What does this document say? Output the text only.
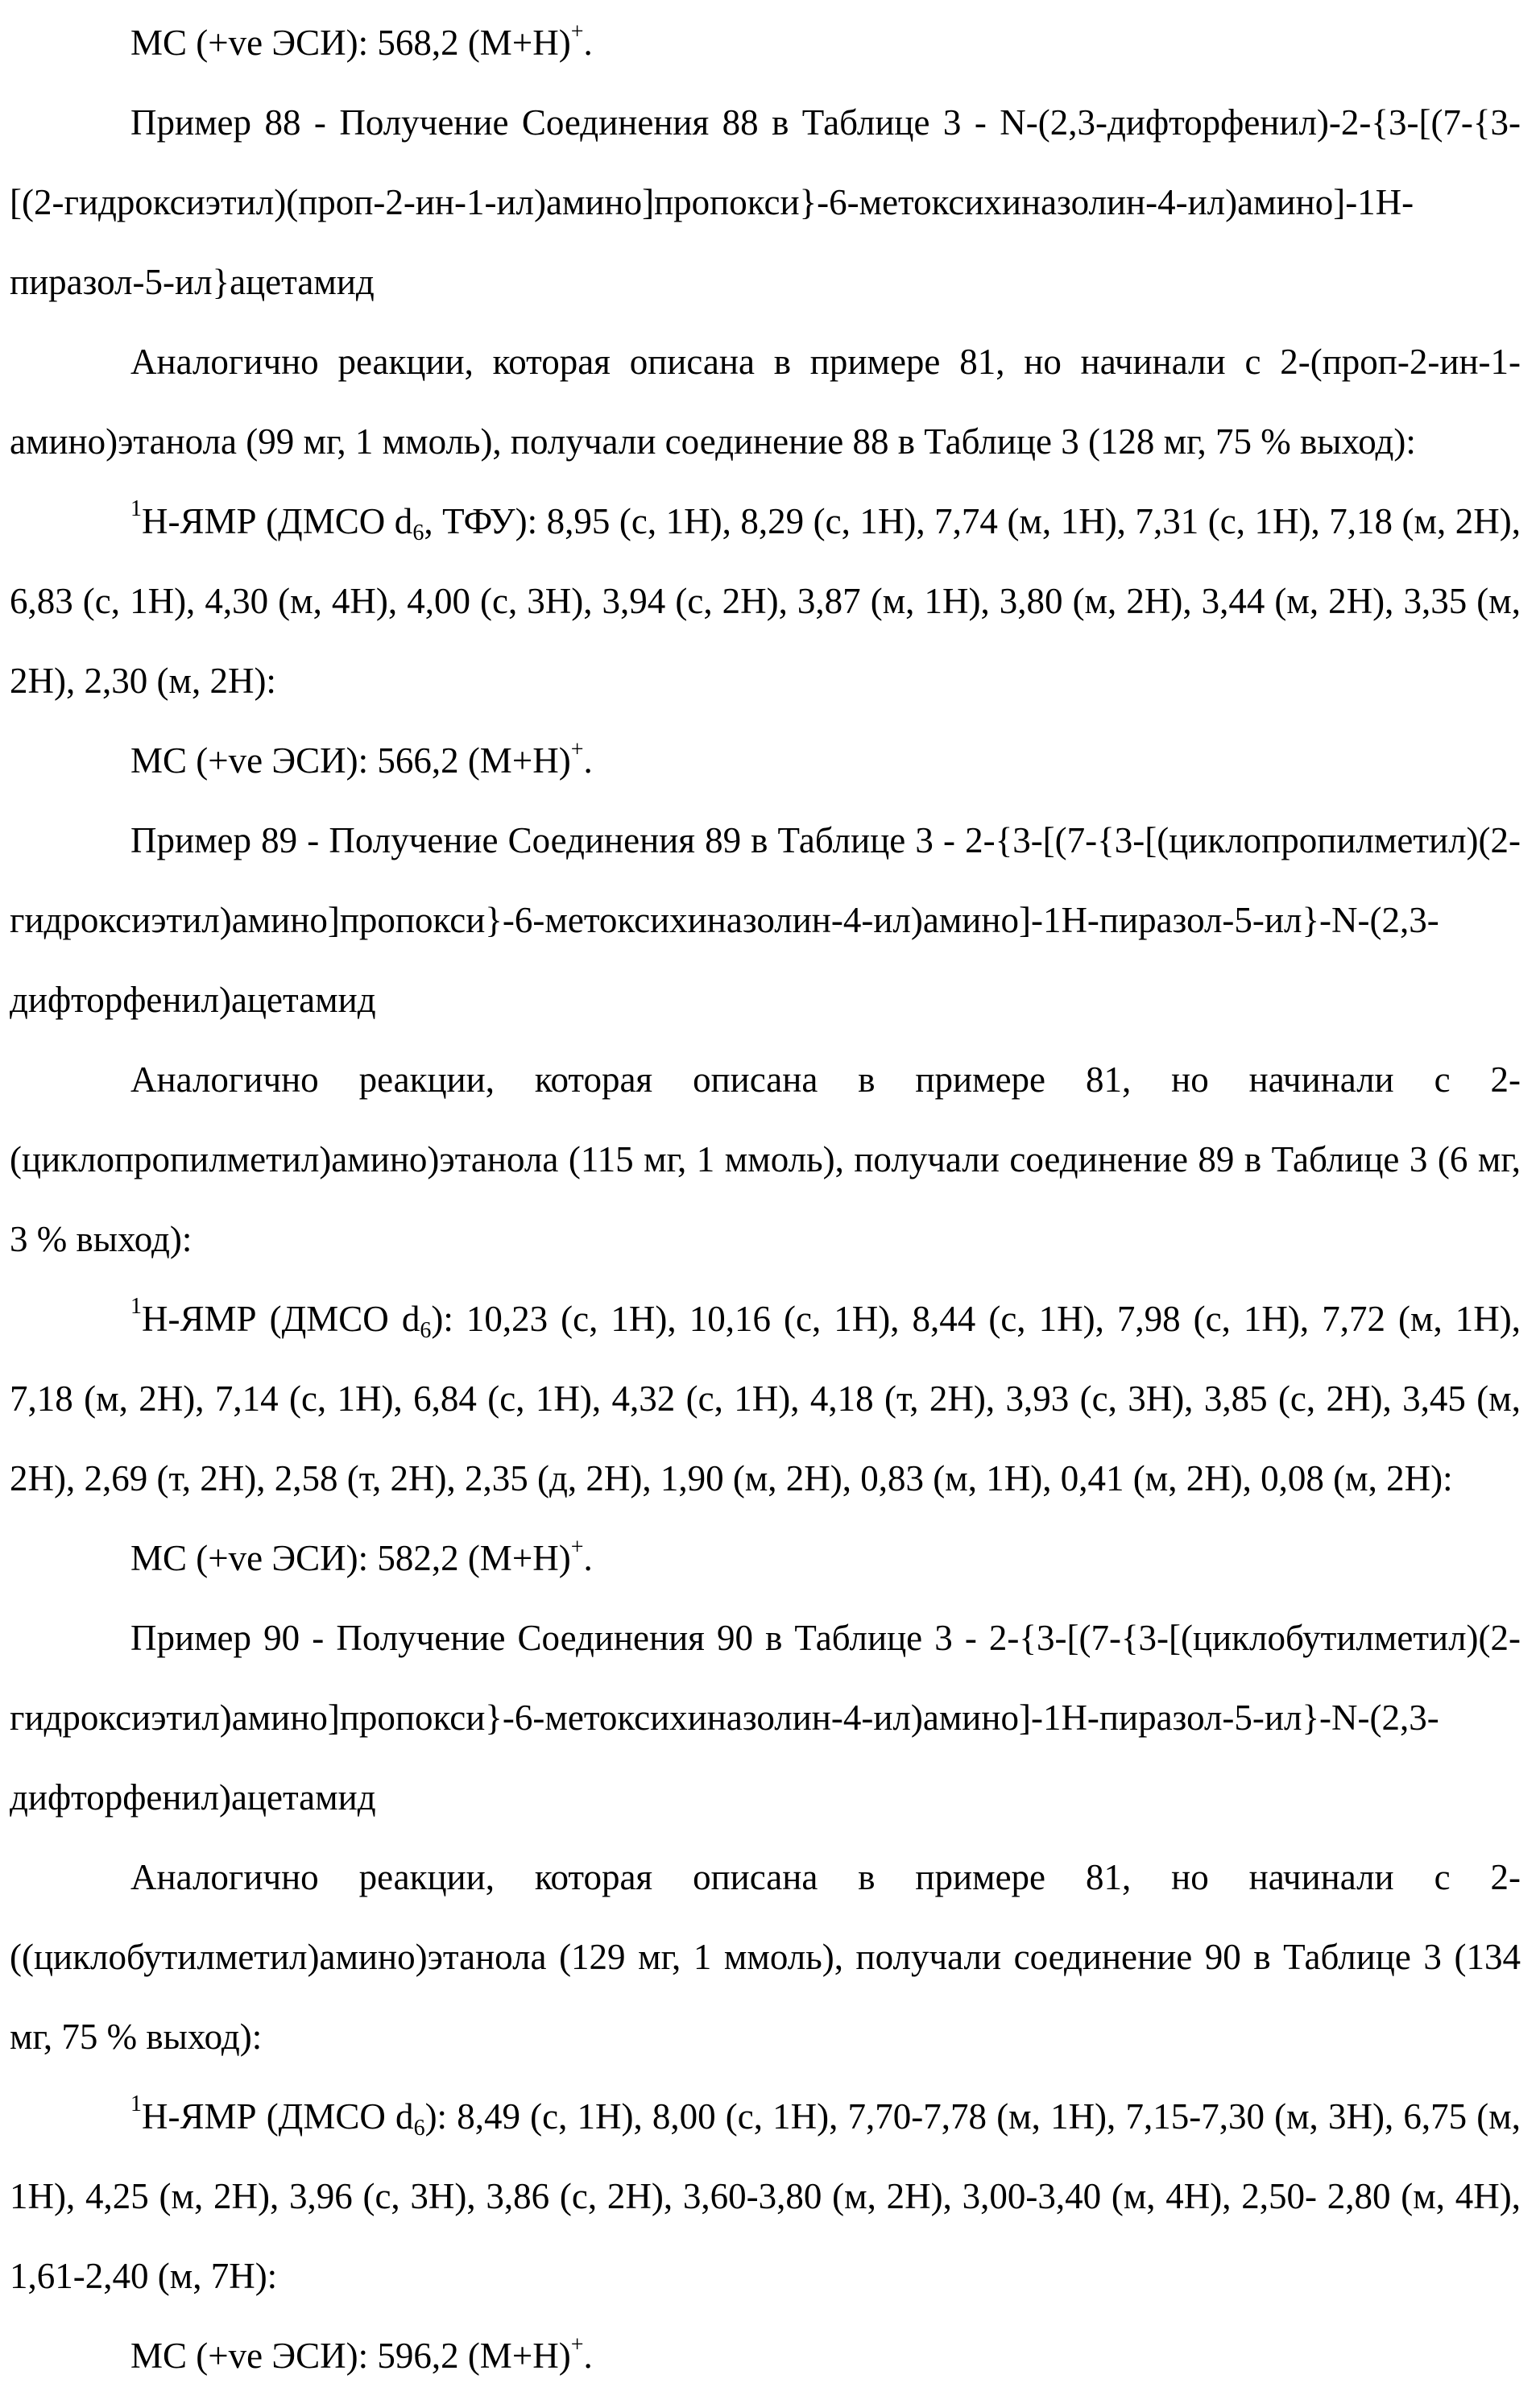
МС (+ve ЭСИ): 568,2 (М+Н)+.

Пример 88 - Получение Соединения 88 в Таблице 3 - N-(2,3-дифторфенил)-2-{3-[(7-{3-[(2-гидроксиэтил)(проп-2-ин-1-ил)амино]пропокси}-6-метоксихиназолин-4-ил)амино]-1Н-пиразол-5-ил}ацетамид

Аналогично реакции, которая описана в примере 81, но начинали с 2-(проп-2-ин-1-амино)этанола (99 мг, 1 ммоль), получали соединение 88 в Таблице 3 (128 мг, 75 % выход):

1Н-ЯМР (ДМСО d6, ТФУ): 8,95 (с, 1Н), 8,29 (с, 1Н), 7,74 (м, 1Н), 7,31 (с, 1Н), 7,18 (м, 2Н), 6,83 (с, 1Н), 4,30 (м, 4Н), 4,00 (с, 3Н), 3,94 (с, 2Н), 3,87 (м, 1Н), 3,80 (м, 2Н), 3,44 (м, 2Н), 3,35 (м, 2Н), 2,30 (м, 2Н):

МС (+ve ЭСИ): 566,2 (М+Н)+.

Пример 89 - Получение Соединения 89 в Таблице 3 - 2-{3-[(7-{3-[(циклопропилметил)(2-гидроксиэтил)амино]пропокси}-6-метоксихиназолин-4-ил)амино]-1Н-пиразол-5-ил}-N-(2,3-дифторфенил)ацетамид

Аналогично реакции, которая описана в примере 81, но начинали с 2-(циклопропилметил)амино)этанола (115 мг, 1 ммоль), получали соединение 89 в Таблице 3 (6 мг, 3 % выход):

1Н-ЯМР (ДМСО d6): 10,23 (с, 1Н), 10,16 (с, 1Н), 8,44 (с, 1Н), 7,98 (с, 1Н), 7,72 (м, 1Н), 7,18 (м, 2Н), 7,14 (с, 1Н), 6,84 (с, 1Н), 4,32 (с, 1Н), 4,18 (т, 2Н), 3,93 (с, 3Н), 3,85 (с, 2Н), 3,45 (м, 2Н), 2,69 (т, 2Н), 2,58 (т, 2Н), 2,35 (д, 2Н), 1,90 (м, 2Н), 0,83 (м, 1Н), 0,41 (м, 2Н), 0,08 (м, 2Н):

МС (+ve ЭСИ): 582,2 (М+Н)+.

Пример 90 - Получение Соединения 90 в Таблице 3 - 2-{3-[(7-{3-[(циклобутилметил)(2-гидроксиэтил)амино]пропокси}-6-метоксихиназолин-4-ил)амино]-1Н-пиразол-5-ил}-N-(2,3-дифторфенил)ацетамид

Аналогично реакции, которая описана в примере 81, но начинали с 2-((циклобутилметил)амино)этанола (129 мг, 1 ммоль), получали соединение 90 в Таблице 3 (134 мг, 75 % выход):

1Н-ЯМР (ДМСО d6): 8,49 (с, 1Н), 8,00 (с, 1Н), 7,70-7,78 (м, 1Н), 7,15-7,30 (м, 3Н), 6,75 (м, 1Н), 4,25 (м, 2Н), 3,96 (с, 3Н), 3,86 (с, 2Н), 3,60-3,80 (м, 2Н), 3,00-3,40 (м, 4Н), 2,50- 2,80 (м, 4Н), 1,61-2,40 (м, 7Н):

МС (+ve ЭСИ): 596,2 (М+Н)+.
